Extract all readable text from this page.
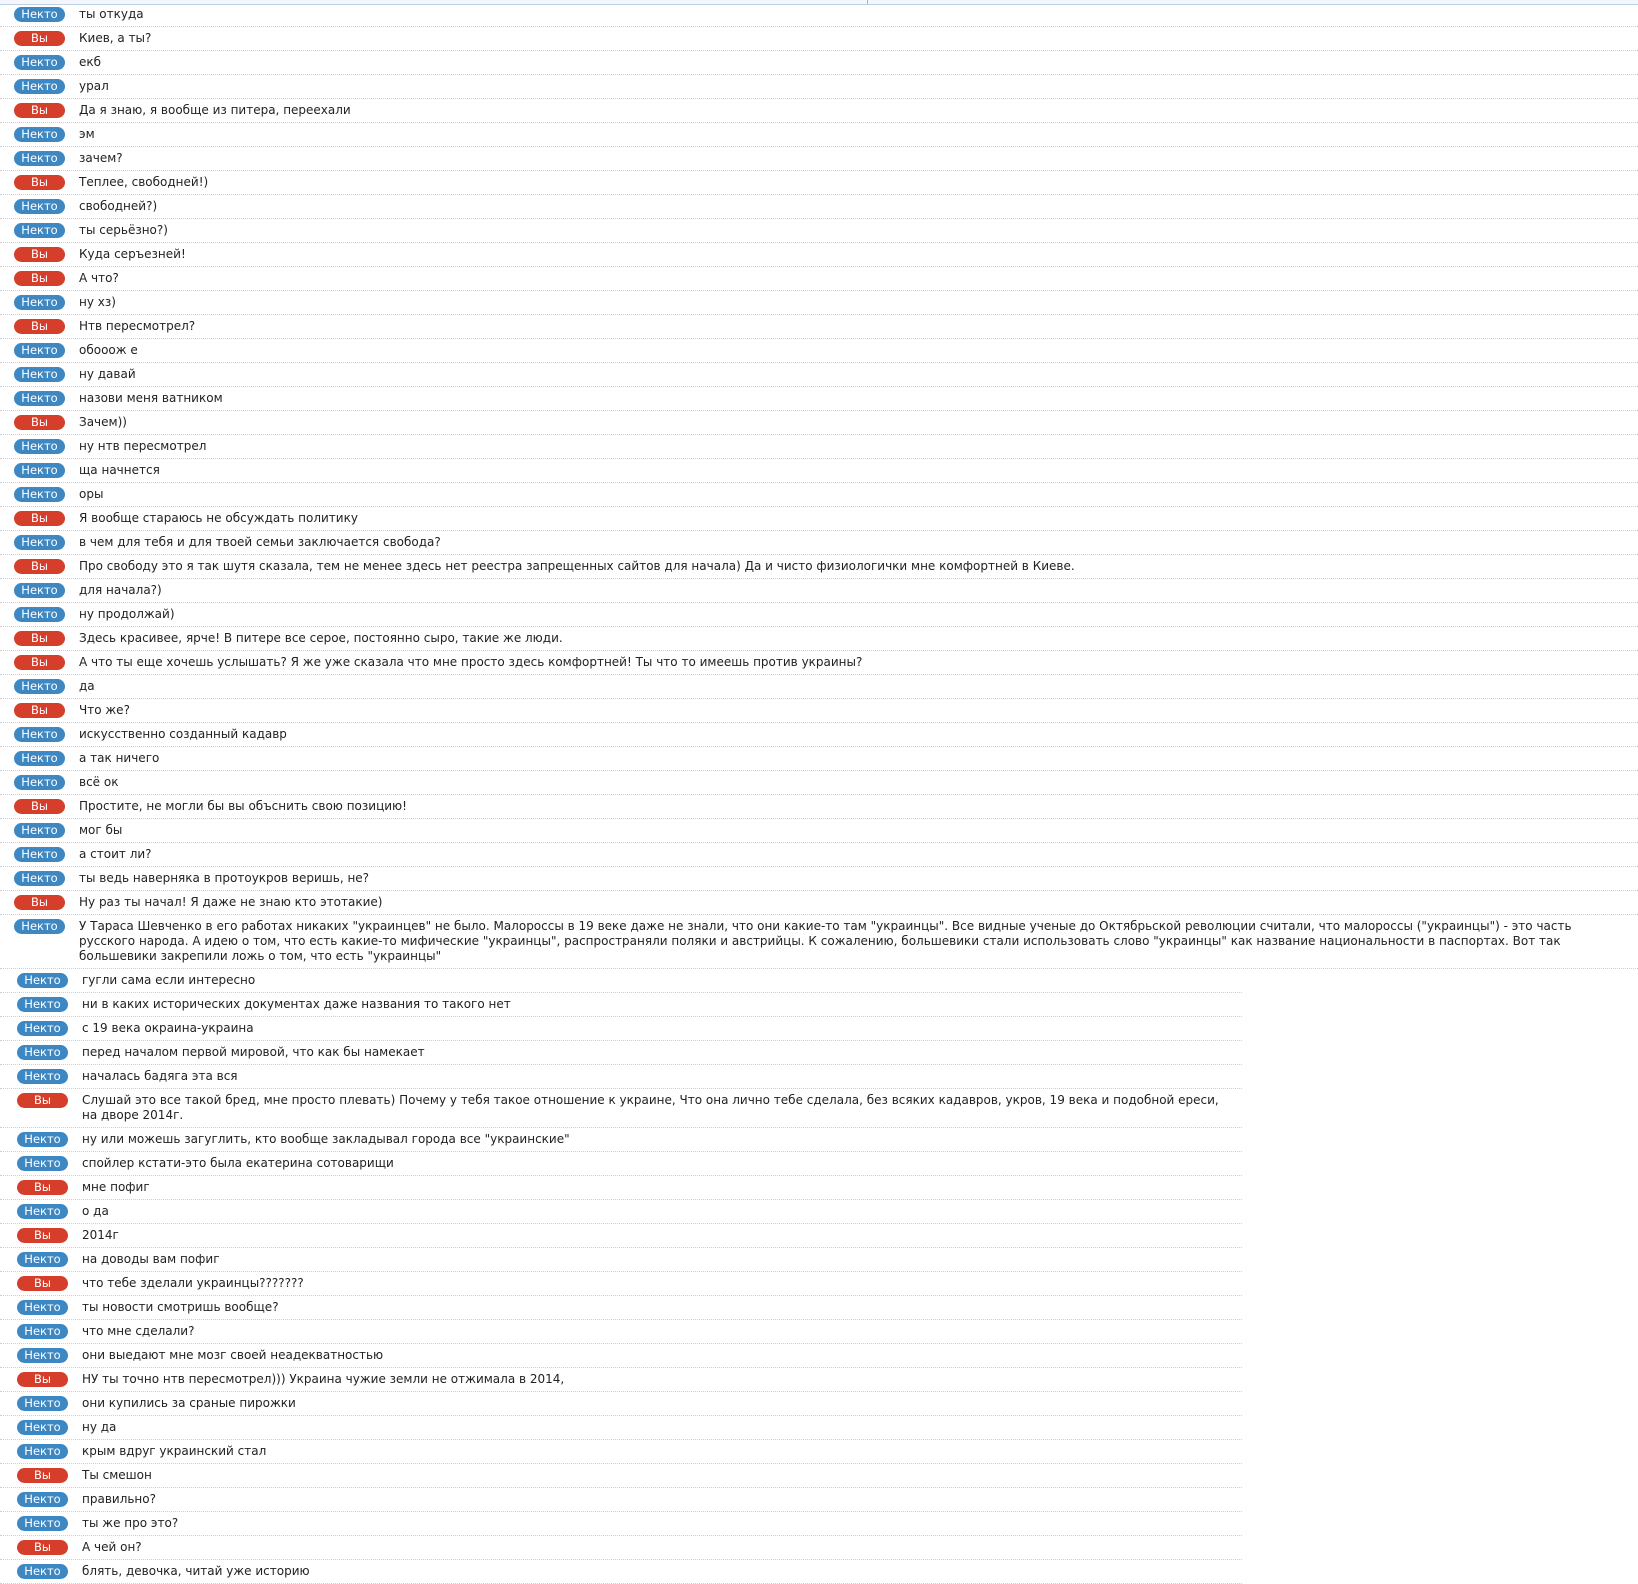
Некто	ты откуда
Вы	Киев, а ты?
Некто	екб
Некто	урал
Вы	Да я знаю, я вообще из питера, переехали
Некто	эм
Некто	зачем?
Вы	Теплее, свободней!)
Некто	свободней?)
Некто	ты серьёзно?)
Вы	Куда серъезней!
Вы	А что?
Некто	ну хз)
Вы	Нтв пересмотрел?
Некто	обооож е
Некто	ну давай
Некто	назови меня ватником
Вы	Зачем))
Некто	ну нтв пересмотрел
Некто	ща начнется
Некто	оры
Вы	Я вообще стараюсь не обсуждать политику
Некто	в чем для тебя и для твоей семьи заключается свобода?
Вы	Про свободу это я так шутя сказала, тем не менее здесь нет реестра запрещенных сайтов для начала) Да и чисто физиологички мне комфортней в Киеве.
Некто	для начала?)
Некто	ну продолжай)
Вы	Здесь красивее, ярче! В питере все серое, постоянно сыро, такие же люди.
Вы	А что ты еще хочешь услышать? Я же уже сказала что мне просто здесь комфортней! Ты что то имеешь против украины?
Некто	да
Вы	Что же?
Некто	искусственно созданный кадавр
Некто	а так ничего
Некто	всё ок
Вы	Простите, не могли бы вы объснить свою позицию!
Некто	мог бы
Некто	а стоит ли?
Некто	ты ведь наверняка в протоукров веришь, не?
Вы	Ну раз ты начал! Я даже не знаю кто этотакие)
Некто	У Тараса Шевченко в его работах никаких "украинцев" не было. Малороссы в 19 веке даже не знали, что они какие-то там "украинцы". Все видные ученые до Октябрьской революции считали, что малороссы ("украинцы") - это часть русского народа. А идею о том, что есть какие-то мифические "украинцы", распространяли поляки и австрийцы. К сожалению, большевики стали использовать слово "украинцы" как название национальности в паспортах. Вот так большевики закрепили ложь о том, что есть "украинцы"
Некто	гугли сама если интересно
Некто	ни в каких исторических документах даже названия то такого нет
Некто	с 19 века окраина-украина
Некто	перед началом первой мировой, что как бы намекает
Некто	началась бадяга эта вся
Вы	Слушай это все такой бред, мне просто плевать) Почему у тебя такое отношение к украине, Что она лично тебе сделала, без всяких кадавров, укров, 19 века и подобной ереси, на дворе 2014г.
Некто	ну или можешь загуглить, кто вообще закладывал города все "украинские"
Некто	спойлер кстати-это была екатерина сотоварищи
Вы	мне пофиг
Некто	о да
Вы	2014г
Некто	на доводы вам пофиг
Вы	что тебе зделали украинцы???????
Некто	ты новости смотришь вообще?
Некто	что мне сделали?
Некто	они выедают мне мозг своей неадекватностью
Вы	НУ ты точно нтв пересмотрел))) Украина чужие земли не отжимала в 2014,
Некто	они купились за сраные пирожки
Некто	ну да
Некто	крым вдруг украинский стал
Вы	Ты смешон
Некто	правильно?
Некто	ты же про это?
Вы	А чей он?
Некто	блять, девочка, читай уже историю
